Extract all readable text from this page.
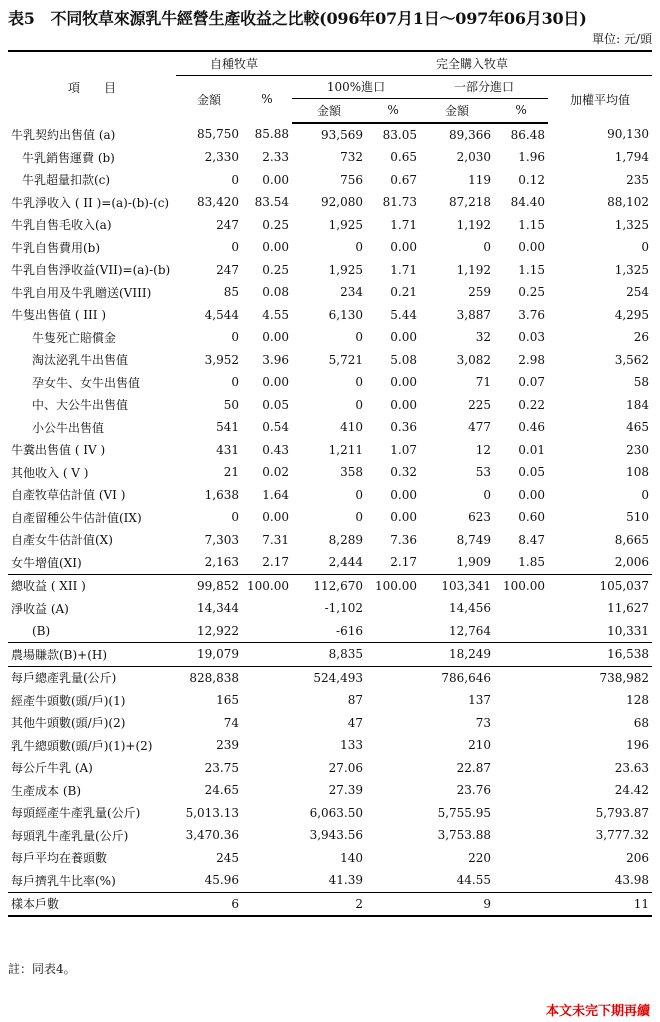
表5　不同牧草來源乳牛經營生產收益之比較(096年07月1日～097年06月30日)
單位: 元/頭
項　　目	自種牧草		完全購入牧草				
	金額	%	100%進口		一部分進口		加權平均值
			金額	%	金額	%	
牛乳契約出售值 (a)	85,750	85.88	93,569	83.05	89,366	86.48	90,130
牛乳銷售運費 (b)	2,330	2.33	732	0.65	2,030	1.96	1,794
牛乳超量扣款(c)	0	0.00	756	0.67	119	0.12	235
牛乳淨收入 ( II )=(a)-(b)-(c)	83,420	83.54	92,080	81.73	87,218	84.40	88,102
牛乳自售毛收入(a)	247	0.25	1,925	1.71	1,192	1.15	1,325
牛乳自售費用(b)	0	0.00	0	0.00	0	0.00	0
牛乳自售淨收益(VII)=(a)-(b)	247	0.25	1,925	1.71	1,192	1.15	1,325
牛乳自用及牛乳贈送(VIII)	85	0.08	234	0.21	259	0.25	254
牛隻出售值 ( III )	4,544	4.55	6,130	5.44	3,887	3.76	4,295
牛隻死亡賠償金	0	0.00	0	0.00	32	0.03	26
淘汰泌乳牛出售值	3,952	3.96	5,721	5.08	3,082	2.98	3,562
孕女牛、女牛出售值	0	0.00	0	0.00	71	0.07	58
中、大公牛出售值	50	0.05	0	0.00	225	0.22	184
小公牛出售值	541	0.54	410	0.36	477	0.46	465
牛糞出售值 ( IV )	431	0.43	1,211	1.07	12	0.01	230
其他收入 ( V )	21	0.02	358	0.32	53	0.05	108
自產牧草估計值 (VI )	1,638	1.64	0	0.00	0	0.00	0
自產留種公牛估計值(IX)	0	0.00	0	0.00	623	0.60	510
自產女牛估計值(X)	7,303	7.31	8,289	7.36	8,749	8.47	8,665
女牛增值(XI)	2,163	2.17	2,444	2.17	1,909	1.85	2,006
總收益 ( XII )	99,852	100.00	112,670	100.00	103,341	100.00	105,037
淨收益 (A)	14,344		-1,102		14,456		11,627
(B)	12,922		-616		12,764		10,331
農場賺款(B)+(H)	19,079		8,835		18,249		16,538
每戶總產乳量(公斤)	828,838		524,493		786,646		738,982
經產牛頭數(頭/戶)(1)	165		87		137		128
其他牛頭數(頭/戶)(2)	74		47		73		68
乳牛總頭數(頭/戶)(1)+(2)	239		133		210		196
每公斤牛乳 (A)	23.75		27.06		22.87		23.63
生產成本 (B)	24.65		27.39		23.76		24.42
每頭經產牛產乳量(公斤)	5,013.13		6,063.50		5,755.95		5,793.87
每頭乳牛產乳量(公斤)	3,470.36		3,943.56		3,753.88		3,777.32
每戶平均在養頭數	245		140		220		206
每戶擠乳牛比率(%)	45.96		41.39		44.55		43.98
樣本戶數	6		2		9		11
註：同表4。
本文未完下期再續
